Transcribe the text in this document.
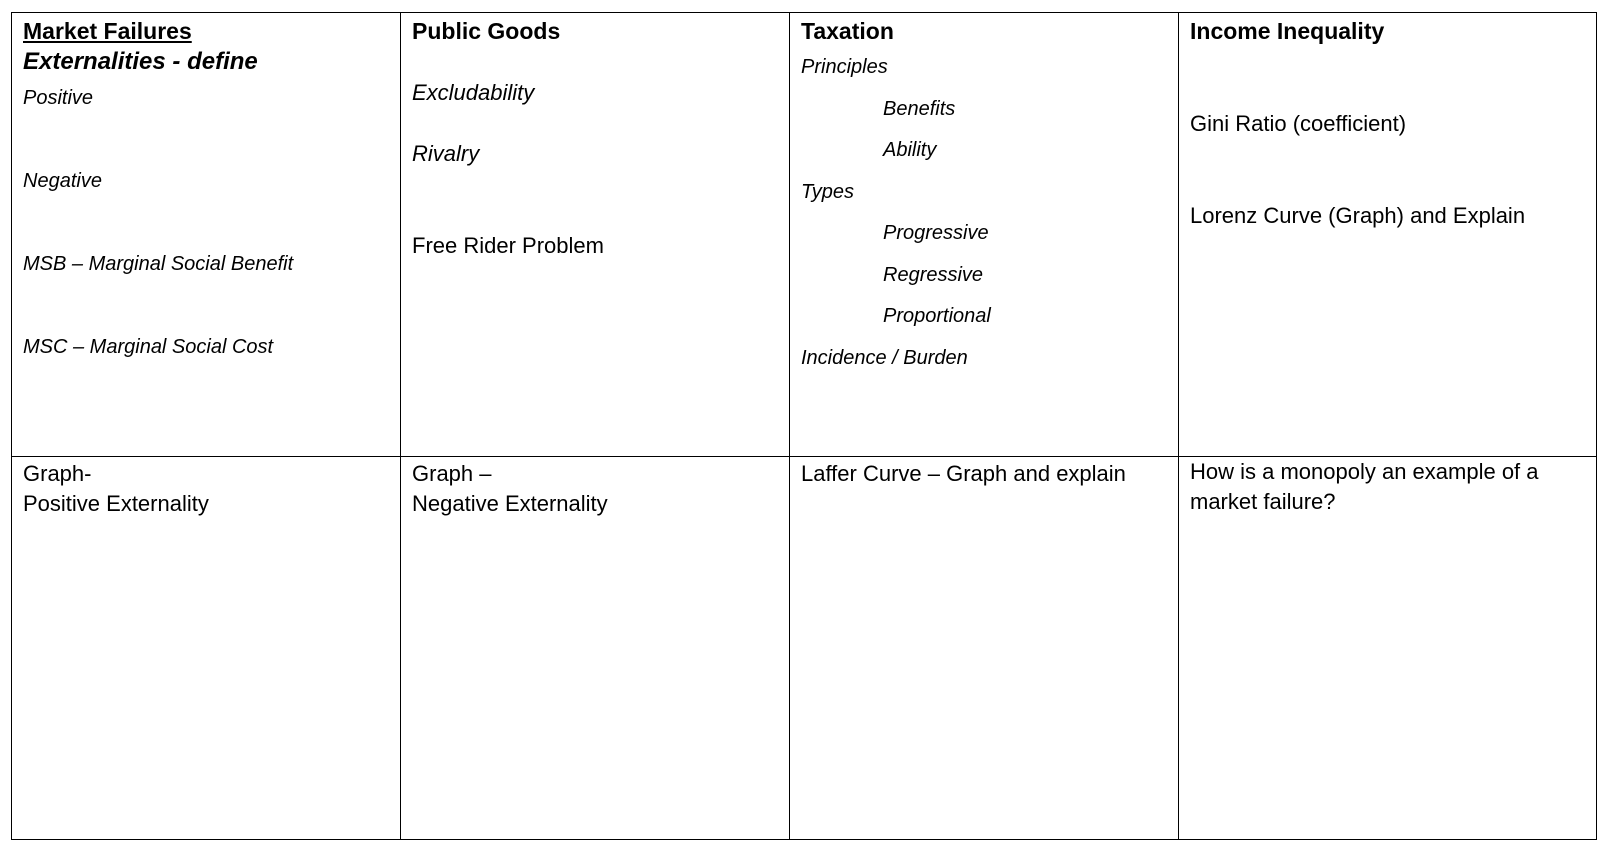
Market Failures
Externalities - define
Positive
Negative
MSB – Marginal Social Benefit
MSC – Marginal Social Cost
Public Goods
Excludability
Rivalry
Free Rider Problem
Taxation
Principles
Benefits
Ability
Types
Progressive
Regressive
Proportional
Incidence / Burden
Income Inequality
Gini Ratio (coefficient)
Lorenz Curve (Graph) and Explain
Graph-
Positive Externality
Graph –
Negative Externality
Laffer Curve – Graph and explain	How is a monopoly an example of a market failure?
